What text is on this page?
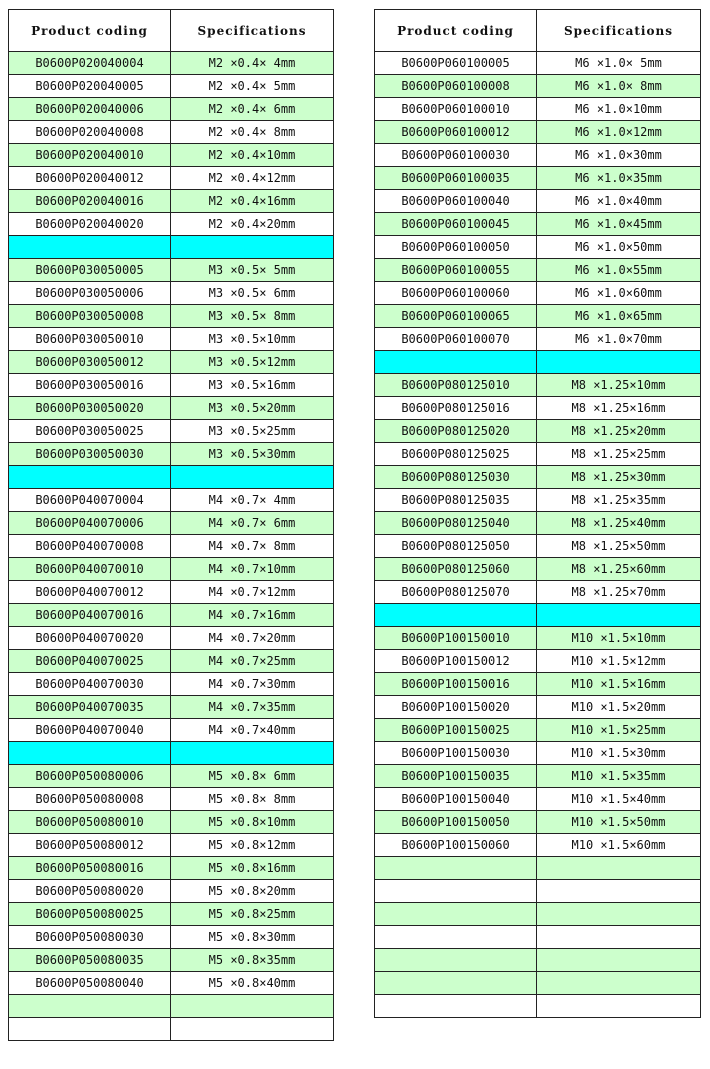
Product coding	Specifications
B0600P020040004	M2 ×0.4× 4mm
B0600P020040005	M2 ×0.4× 5mm
B0600P020040006	M2 ×0.4× 6mm
B0600P020040008	M2 ×0.4× 8mm
B0600P020040010	M2 ×0.4×10mm
B0600P020040012	M2 ×0.4×12mm
B0600P020040016	M2 ×0.4×16mm
B0600P020040020	M2 ×0.4×20mm

B0600P030050005	M3 ×0.5× 5mm
B0600P030050006	M3 ×0.5× 6mm
B0600P030050008	M3 ×0.5× 8mm
B0600P030050010	M3 ×0.5×10mm
B0600P030050012	M3 ×0.5×12mm
B0600P030050016	M3 ×0.5×16mm
B0600P030050020	M3 ×0.5×20mm
B0600P030050025	M3 ×0.5×25mm
B0600P030050030	M3 ×0.5×30mm

B0600P040070004	M4 ×0.7× 4mm
B0600P040070006	M4 ×0.7× 6mm
B0600P040070008	M4 ×0.7× 8mm
B0600P040070010	M4 ×0.7×10mm
B0600P040070012	M4 ×0.7×12mm
B0600P040070016	M4 ×0.7×16mm
B0600P040070020	M4 ×0.7×20mm
B0600P040070025	M4 ×0.7×25mm
B0600P040070030	M4 ×0.7×30mm
B0600P040070035	M4 ×0.7×35mm
B0600P040070040	M4 ×0.7×40mm

B0600P050080006	M5 ×0.8× 6mm
B0600P050080008	M5 ×0.8× 8mm
B0600P050080010	M5 ×0.8×10mm
B0600P050080012	M5 ×0.8×12mm
B0600P050080016	M5 ×0.8×16mm
B0600P050080020	M5 ×0.8×20mm
B0600P050080025	M5 ×0.8×25mm
B0600P050080030	M5 ×0.8×30mm
B0600P050080035	M5 ×0.8×35mm
B0600P050080040	M5 ×0.8×40mm

Product coding	Specifications
B0600P060100005	M6 ×1.0× 5mm
B0600P060100008	M6 ×1.0× 8mm
B0600P060100010	M6 ×1.0×10mm
B0600P060100012	M6 ×1.0×12mm
B0600P060100030	M6 ×1.0×30mm
B0600P060100035	M6 ×1.0×35mm
B0600P060100040	M6 ×1.0×40mm
B0600P060100045	M6 ×1.0×45mm
B0600P060100050	M6 ×1.0×50mm
B0600P060100055	M6 ×1.0×55mm
B0600P060100060	M6 ×1.0×60mm
B0600P060100065	M6 ×1.0×65mm
B0600P060100070	M6 ×1.0×70mm

B0600P080125010	M8 ×1.25×10mm
B0600P080125016	M8 ×1.25×16mm
B0600P080125020	M8 ×1.25×20mm
B0600P080125025	M8 ×1.25×25mm
B0600P080125030	M8 ×1.25×30mm
B0600P080125035	M8 ×1.25×35mm
B0600P080125040	M8 ×1.25×40mm
B0600P080125050	M8 ×1.25×50mm
B0600P080125060	M8 ×1.25×60mm
B0600P080125070	M8 ×1.25×70mm

B0600P100150010	M10 ×1.5×10mm
B0600P100150012	M10 ×1.5×12mm
B0600P100150016	M10 ×1.5×16mm
B0600P100150020	M10 ×1.5×20mm
B0600P100150025	M10 ×1.5×25mm
B0600P100150030	M10 ×1.5×30mm
B0600P100150035	M10 ×1.5×35mm
B0600P100150040	M10 ×1.5×40mm
B0600P100150050	M10 ×1.5×50mm
B0600P100150060	M10 ×1.5×60mm
